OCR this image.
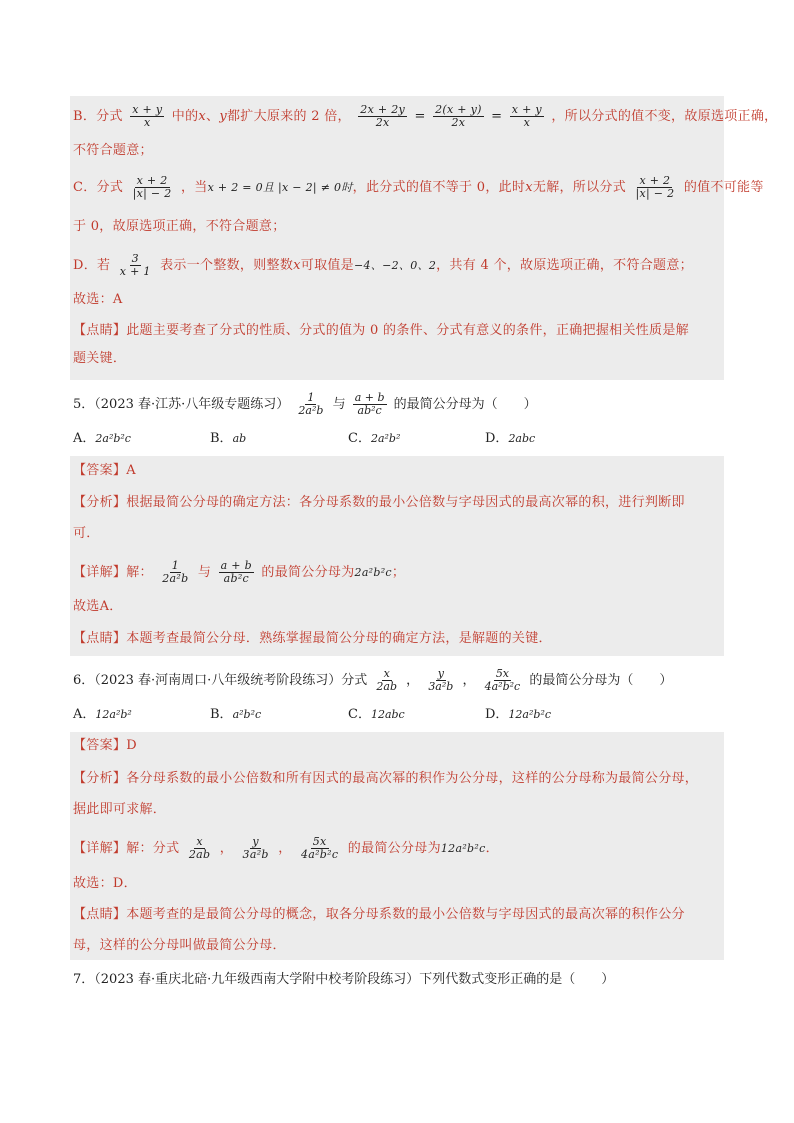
B．分式 $\frac{x + y}{x}$ 中的x、y都扩大原来的 2 倍， $\frac{2x + 2y}{2x} = \frac{2(x + y)}{2x} = \frac{x + y}{x}$ ，所以分式的值不变，故原选项正确，
不符合题意；
C．分式 $\frac{x + 2}{|x| - 2}$ ，当x + 2 = 0且 |x − 2| ≠ 0时，此分式的值不等于 0，此时x无解，所以分式 $\frac{x + 2}{|x| - 2}$ 的值不可能等
于 0，故原选项正确，不符合题意；
D．若 $\frac{3}{x + 1}$ 表示一个整数，则整数x可取值是−4、−2、0、2，共有 4 个，故原选项正确，不符合题意；
故选：A
【点睛】此题主要考查了分式的性质、分式的值为 0 的条件、分式有意义的条件，正确把握相关性质是解
题关键．
5．（2023 春·江苏·八年级专题练习） $\frac{1}{\text{2a²b}}$ 与 $\frac{a + b}{\text{ab²c}}$ 的最简公分母为（　　）
A．2a²b²c	B．ab	C．2a²b²	D．2abc
【答案】A
【分析】根据最简公分母的确定方法：各分母系数的最小公倍数与字母因式的最高次幂的积，进行判断即
可．
【详解】解： $\frac{1}{\text{2a²b}}$ 与 $\frac{a + b}{\text{ab²c}}$ 的最简公分母为2a²b²c；
故选A．
【点睛】本题考查最简公分母．熟练掌握最简公分母的确定方法，是解题的关键．
6．（2023 春·河南周口·八年级统考阶段练习）分式 $\frac{x}{2ab}$ ， $\frac{y}{\text{3a²b}}$ ， $\frac{5x}{\text{4a²b²c}}$ 的最简公分母为（　　）
A．12a²b²	B．a²b²c	C．12abc	D．12a²b²c
【答案】D
【分析】各分母系数的最小公倍数和所有因式的最高次幂的积作为公分母，这样的公分母称为最简公分母，
据此即可求解．
【详解】解：分式 $\frac{x}{2ab}$ ， $\frac{y}{\text{3a²b}}$ ， $\frac{5x}{\text{4a²b²c}}$ 的最简公分母为12a²b²c．
故选：D．
【点睛】本题考查的是最简公分母的概念，取各分母系数的最小公倍数与字母因式的最高次幂的积作公分
母，这样的公分母叫做最简公分母．
7．（2023 春·重庆北碚·九年级西南大学附中校考阶段练习）下列代数式变形正确的是（　　）
